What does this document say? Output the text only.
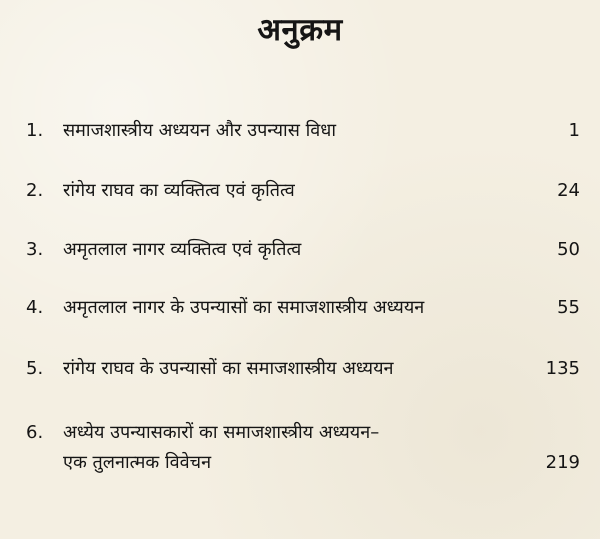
अनुक्रम
1.	समाजशास्त्रीय अध्ययन और उपन्यास विधा	1
2.	रांगेय राघव का व्यक्तित्व एवं कृतित्व	24
3.	अमृतलाल नागर व्यक्तित्व एवं कृतित्व	50
4.	अमृतलाल नागर के उपन्यासों का समाजशास्त्रीय अध्ययन	55
5.	रांगेय राघव के उपन्यासों का समाजशास्त्रीय अध्ययन	135
6.	अध्येय उपन्यासकारों का समाजशास्त्रीय अध्ययन–
एक तुलनात्मक विवेचन	219
